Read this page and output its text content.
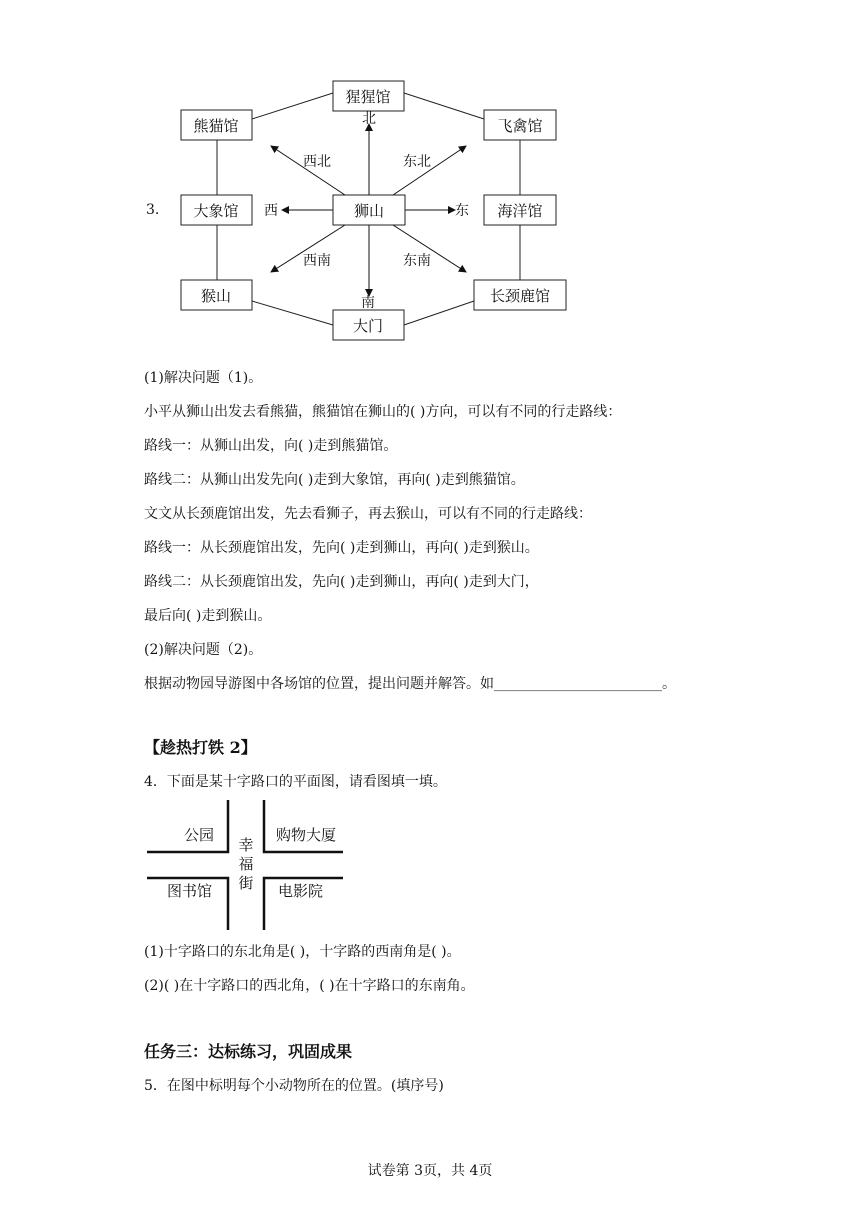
3.
猩猩馆
熊猫馆	飞禽馆
大象馆	狮山	海洋馆
猴山	长颈鹿馆
大门
北
南
东
西
西北	东北
西南	东南
(1)解决问题（1)。
小平从狮山出发去看熊猫，熊猫馆在狮山的( )方向，可以有不同的行走路线：
路线一：从狮山出发，向( )走到熊猫馆。
路线二：从狮山出发先向( )走到大象馆，再向( )走到熊猫馆。
文文从长颈鹿馆出发，先去看狮子，再去猴山，可以有不同的行走路线：
路线一：从长颈鹿馆出发，先向( )走到狮山，再向( )走到猴山。
路线二：从长颈鹿馆出发，先向( )走到狮山，再向( )走到大门，
最后向( )走到猴山。
(2)解决问题（2)。
根据动物园导游图中各场馆的位置，提出问题并解答。如________________________。
【趁热打铁 2】
4．下面是某十字路口的平面图，请看图填一填。
公园	购物大厦
图书馆	电影院
幸
福
街
(1)十字路口的东北角是( )，十字路的西南角是( )。
(2)( )在十字路口的西北角，( )在十字路口的东南角。
任务三：达标练习，巩固成果
5．在图中标明每个小动物所在的位置。(填序号)
试卷第 3页，共 4页
